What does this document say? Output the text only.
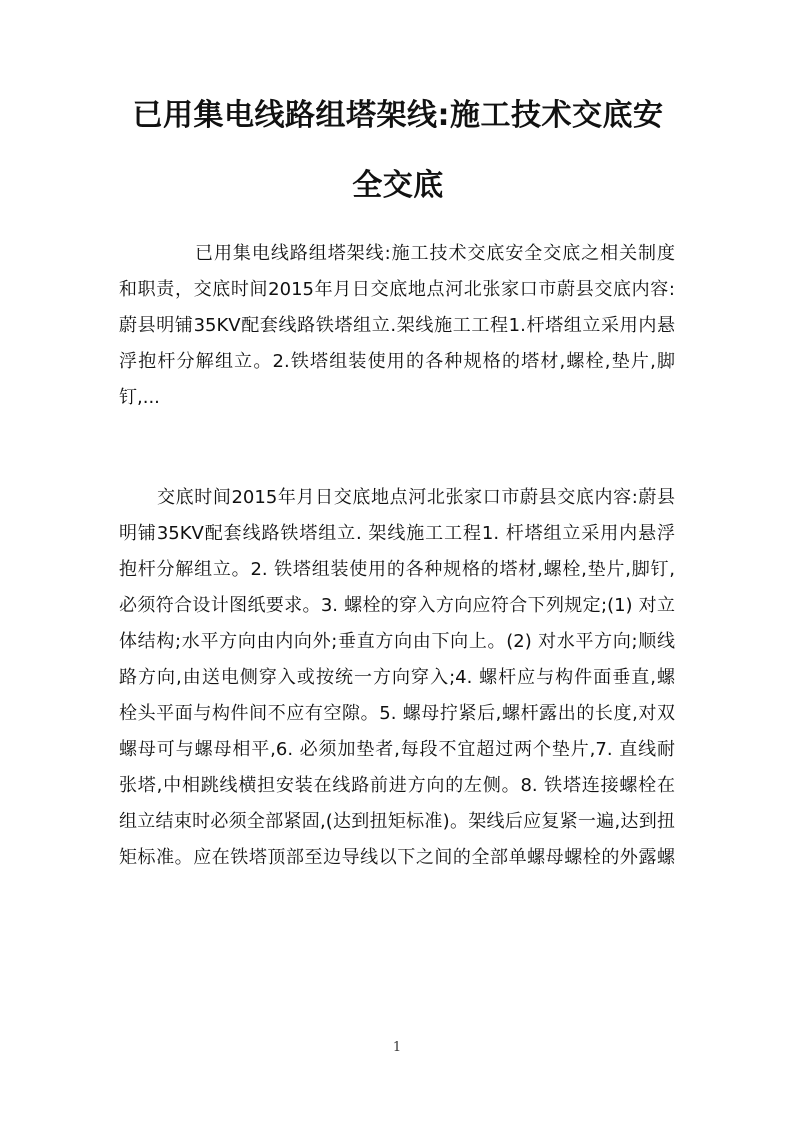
已用集电线路组塔架线:施工技术交底安
全交底
已用集电线路组塔架线:施工技术交底安全交底之相关制度
和职责，交底时间2015年月日交底地点河北张家口市蔚县交底内容:
蔚县明铺35KV配套线路铁塔组立.架线施工工程1.杆塔组立采用内悬
浮抱杆分解组立。2.铁塔组装使用的各种规格的塔材,螺栓,垫片,脚
钉,...
交底时间2015年月日交底地点河北张家口市蔚县交底内容:蔚县
明铺35KV配套线路铁塔组立. 架线施工工程1. 杆塔组立采用内悬浮
抱杆分解组立。2. 铁塔组装使用的各种规格的塔材,螺栓,垫片,脚钉,
必须符合设计图纸要求。3. 螺栓的穿入方向应符合下列规定;(1) 对立
体结构;水平方向由内向外;垂直方向由下向上。(2) 对水平方向;顺线
路方向,由送电侧穿入或按统一方向穿入;4. 螺杆应与构件面垂直,螺
栓头平面与构件间不应有空隙。5. 螺母拧紧后,螺杆露出的长度,对双
螺母可与螺母相平,6. 必须加垫者,每段不宜超过两个垫片,7. 直线耐
张塔,中相跳线横担安装在线路前进方向的左侧。8. 铁塔连接螺栓在
组立结束时必须全部紧固,(达到扭矩标准)。架线后应复紧一遍,达到扭
矩标准。应在铁塔顶部至边导线以下之间的全部单螺母螺栓的外露螺
1
